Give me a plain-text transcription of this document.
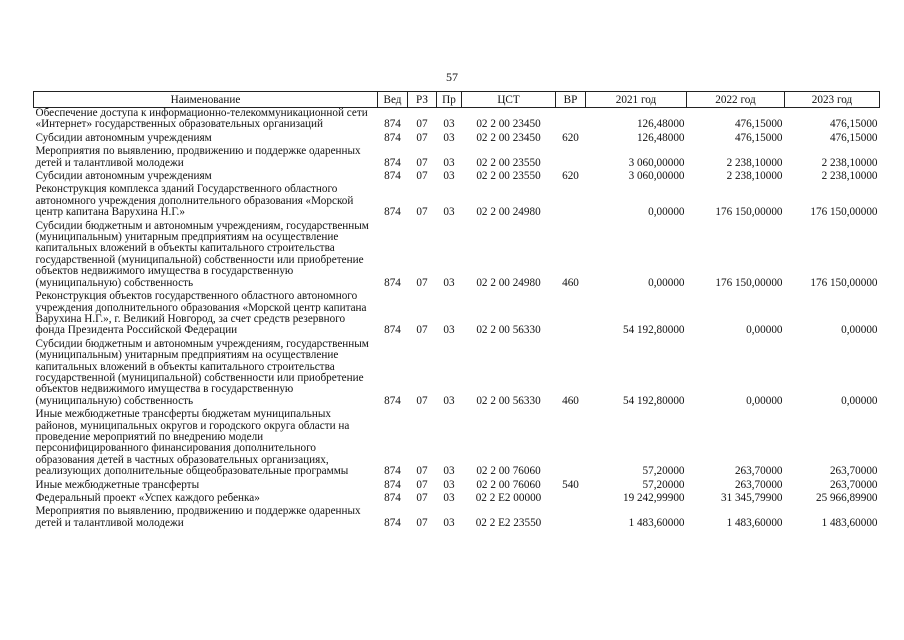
57
Наименование	Вед	РЗ	Пр	ЦСТ	ВР	2021 год	2022 год	2023 год
Обеспечение доступа к информационно-телекоммуникационной сети «Интернет» государственных образовательных организаций	874	07	03	02 2 00 23450		126,48000	476,15000	476,15000
Субсидии автономным учреждениям	874	07	03	02 2 00 23450	620	126,48000	476,15000	476,15000
Мероприятия по выявлению, продвижению и поддержке одаренных детей и талантливой молодежи	874	07	03	02 2 00 23550		3 060,00000	2 238,10000	2 238,10000
Субсидии автономным учреждениям	874	07	03	02 2 00 23550	620	3 060,00000	2 238,10000	2 238,10000
Реконструкция комплекса зданий Государственного областного автономного учреждения дополнительного образования «Морской центр капитана Варухина Н.Г.»	874	07	03	02 2 00 24980		0,00000	176 150,00000	176 150,00000
Субсидии бюджетным и автономным учреждениям, государственным (муниципальным) унитарным предприятиям на осуществление капитальных вложений в объекты капитального строительства государственной (муниципальной) собственности или приобретение объектов недвижимого имущества в государственную (муниципальную) собственность	874	07	03	02 2 00 24980	460	0,00000	176 150,00000	176 150,00000
Реконструкция объектов государственного областного автономного учреждения дополнительного образования «Морской центр капитана Варухина Н.Г.», г. Великий Новгород, за счет средств резервного фонда Президента Российской Федерации	874	07	03	02 2 00 56330		54 192,80000	0,00000	0,00000
Субсидии бюджетным и автономным учреждениям, государственным (муниципальным) унитарным предприятиям на осуществление капитальных вложений в объекты капитального строительства государственной (муниципальной) собственности или приобретение объектов недвижимого имущества в государственную (муниципальную) собственность	874	07	03	02 2 00 56330	460	54 192,80000	0,00000	0,00000
Иные межбюджетные трансферты бюджетам муниципальных районов, муниципальных округов и городского округа области на проведение мероприятий по внедрению модели персонифицированного финансирования дополнительного образования детей в частных образовательных организациях, реализующих дополнительные общеобразовательные программы	874	07	03	02 2 00 76060		57,20000	263,70000	263,70000
Иные межбюджетные трансферты	874	07	03	02 2 00 76060	540	57,20000	263,70000	263,70000
Федеральный проект «Успех каждого ребенка»	874	07	03	02 2 E2 00000		19 242,99900	31 345,79900	25 966,89900
Мероприятия по выявлению, продвижению и поддержке одаренных детей и талантливой молодежи	874	07	03	02 2 E2 23550		1 483,60000	1 483,60000	1 483,60000
